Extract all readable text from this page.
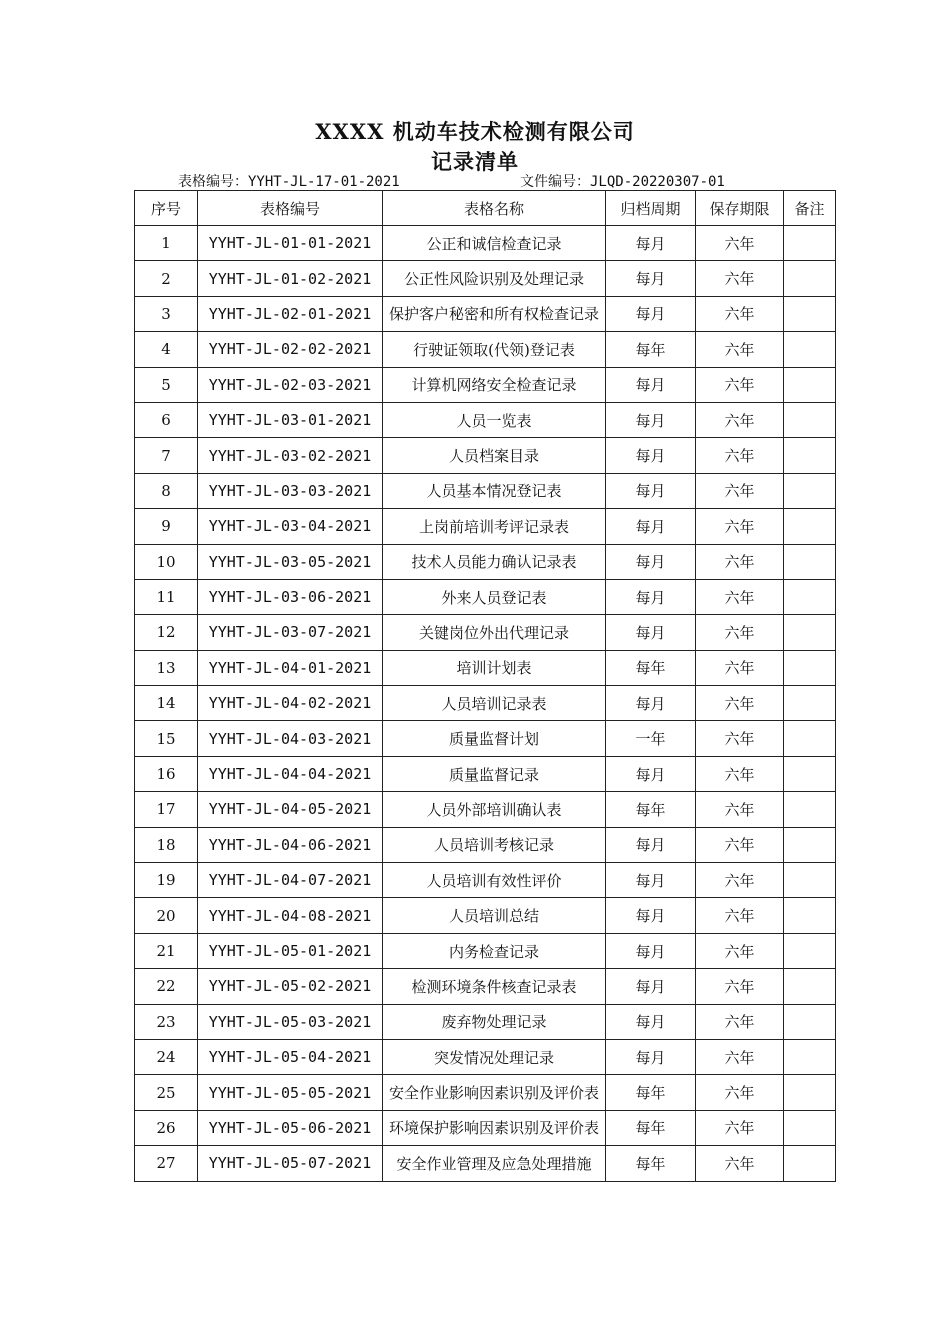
XXXX 机动车技术检测有限公司
记录清单
表格编号：YYHT-JL-17-01-2021	文件编号：JLQD-20220307-01
序号	表格编号	表格名称	归档周期	保存期限	备注
1	YYHT-JL-01-01-2021	公正和诚信检查记录	每月	六年	
2	YYHT-JL-01-02-2021	公正性风险识别及处理记录	每月	六年	
3	YYHT-JL-02-01-2021	保护客户秘密和所有权检查记录	每月	六年	
4	YYHT-JL-02-02-2021	行驶证领取(代领)登记表	每年	六年	
5	YYHT-JL-02-03-2021	计算机网络安全检查记录	每月	六年	
6	YYHT-JL-03-01-2021	人员一览表	每月	六年	
7	YYHT-JL-03-02-2021	人员档案目录	每月	六年	
8	YYHT-JL-03-03-2021	人员基本情况登记表	每月	六年	
9	YYHT-JL-03-04-2021	上岗前培训考评记录表	每月	六年	
10	YYHT-JL-03-05-2021	技术人员能力确认记录表	每月	六年	
11	YYHT-JL-03-06-2021	外来人员登记表	每月	六年	
12	YYHT-JL-03-07-2021	关键岗位外出代理记录	每月	六年	
13	YYHT-JL-04-01-2021	培训计划表	每年	六年	
14	YYHT-JL-04-02-2021	人员培训记录表	每月	六年	
15	YYHT-JL-04-03-2021	质量监督计划	一年	六年	
16	YYHT-JL-04-04-2021	质量监督记录	每月	六年	
17	YYHT-JL-04-05-2021	人员外部培训确认表	每年	六年	
18	YYHT-JL-04-06-2021	人员培训考核记录	每月	六年	
19	YYHT-JL-04-07-2021	人员培训有效性评价	每月	六年	
20	YYHT-JL-04-08-2021	人员培训总结	每月	六年	
21	YYHT-JL-05-01-2021	内务检查记录	每月	六年	
22	YYHT-JL-05-02-2021	检测环境条件核查记录表	每月	六年	
23	YYHT-JL-05-03-2021	废弃物处理记录	每月	六年	
24	YYHT-JL-05-04-2021	突发情况处理记录	每月	六年	
25	YYHT-JL-05-05-2021	安全作业影响因素识别及评价表	每年	六年	
26	YYHT-JL-05-06-2021	环境保护影响因素识别及评价表	每年	六年	
27	YYHT-JL-05-07-2021	安全作业管理及应急处理措施	每年	六年	
